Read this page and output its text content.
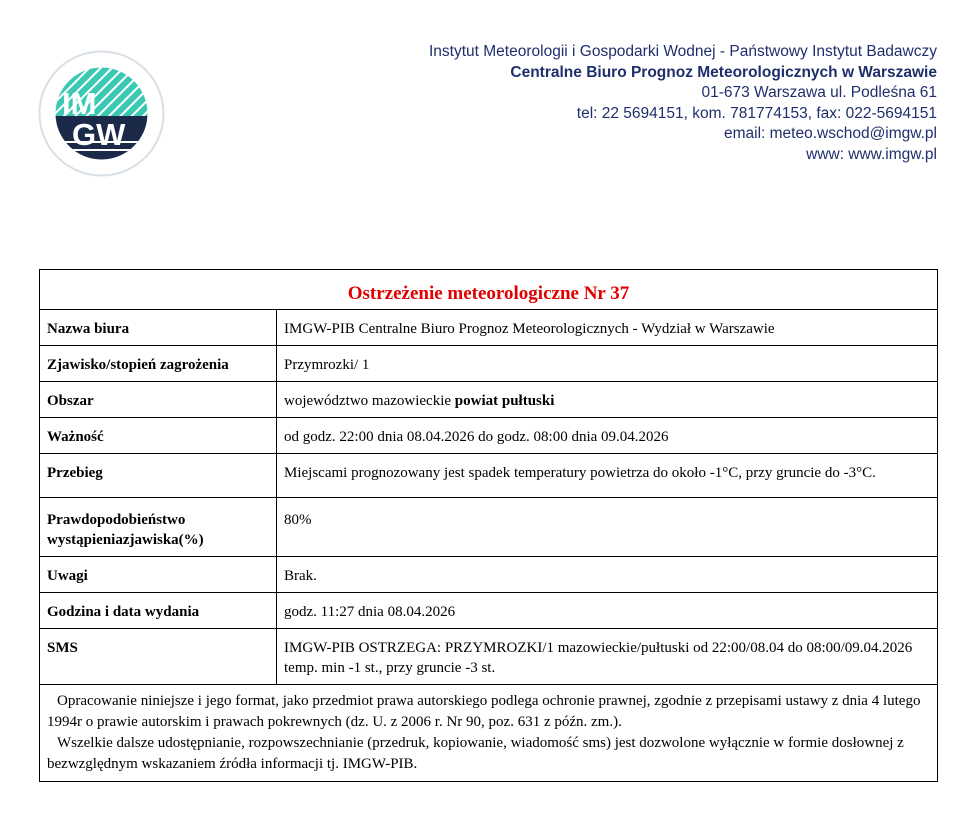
IM
GW
Instytut Meteorologii i Gospodarki Wodnej - Państwowy Instytut Badawczy
Centralne Biuro Prognoz Meteorologicznych w Warszawie
01-673 Warszawa ul. Podleśna 61
tel: 22 5694151, kom. 781774153, fax: 022-5694151
email: meteo.wschod@imgw.pl
www: www.imgw.pl
Ostrzeżenie meteorologiczne Nr 37	
Nazwa biura	IMGW-PIB Centralne Biuro Prognoz Meteorologicznych - Wydział w Warszawie
Zjawisko/stopień zagrożenia	Przymrozki/ 1
Obszar	województwo mazowieckie powiat pułtuski
Ważność	od godz. 22:00 dnia 08.04.2026 do godz. 08:00 dnia 09.04.2026
Przebieg	Miejscami prognozowany jest spadek temperatury powietrza do około -1°C, przy gruncie do -3°C.
Prawdopodobieństwo wystąpieniazjawiska(%)	80%
Uwagi	Brak.
Godzina i data wydania	godz. 11:27 dnia 08.04.2026
SMS	IMGW-PIB OSTRZEGA: PRZYMROZKI/1 mazowieckie/pułtuski od 22:00/08.04 do 08:00/09.04.2026 temp. min -1 st., przy gruncie -3 st.

Opracowanie niniejsze i jego format, jako przedmiot prawa autorskiego podlega ochronie prawnej, zgodnie z przepisami ustawy z dnia 4 lutego 1994r o prawie autorskim i prawach pokrewnych (dz. U. z 2006 r. Nr 90, poz. 631 z późn. zm.).
Wszelkie dalsze udostępnianie, rozpowszechnianie (przedruk, kopiowanie, wiadomość sms) jest dozwolone wyłącznie w formie dosłownej z bezwzględnym wskazaniem źródła informacji tj. IMGW-PIB.	
